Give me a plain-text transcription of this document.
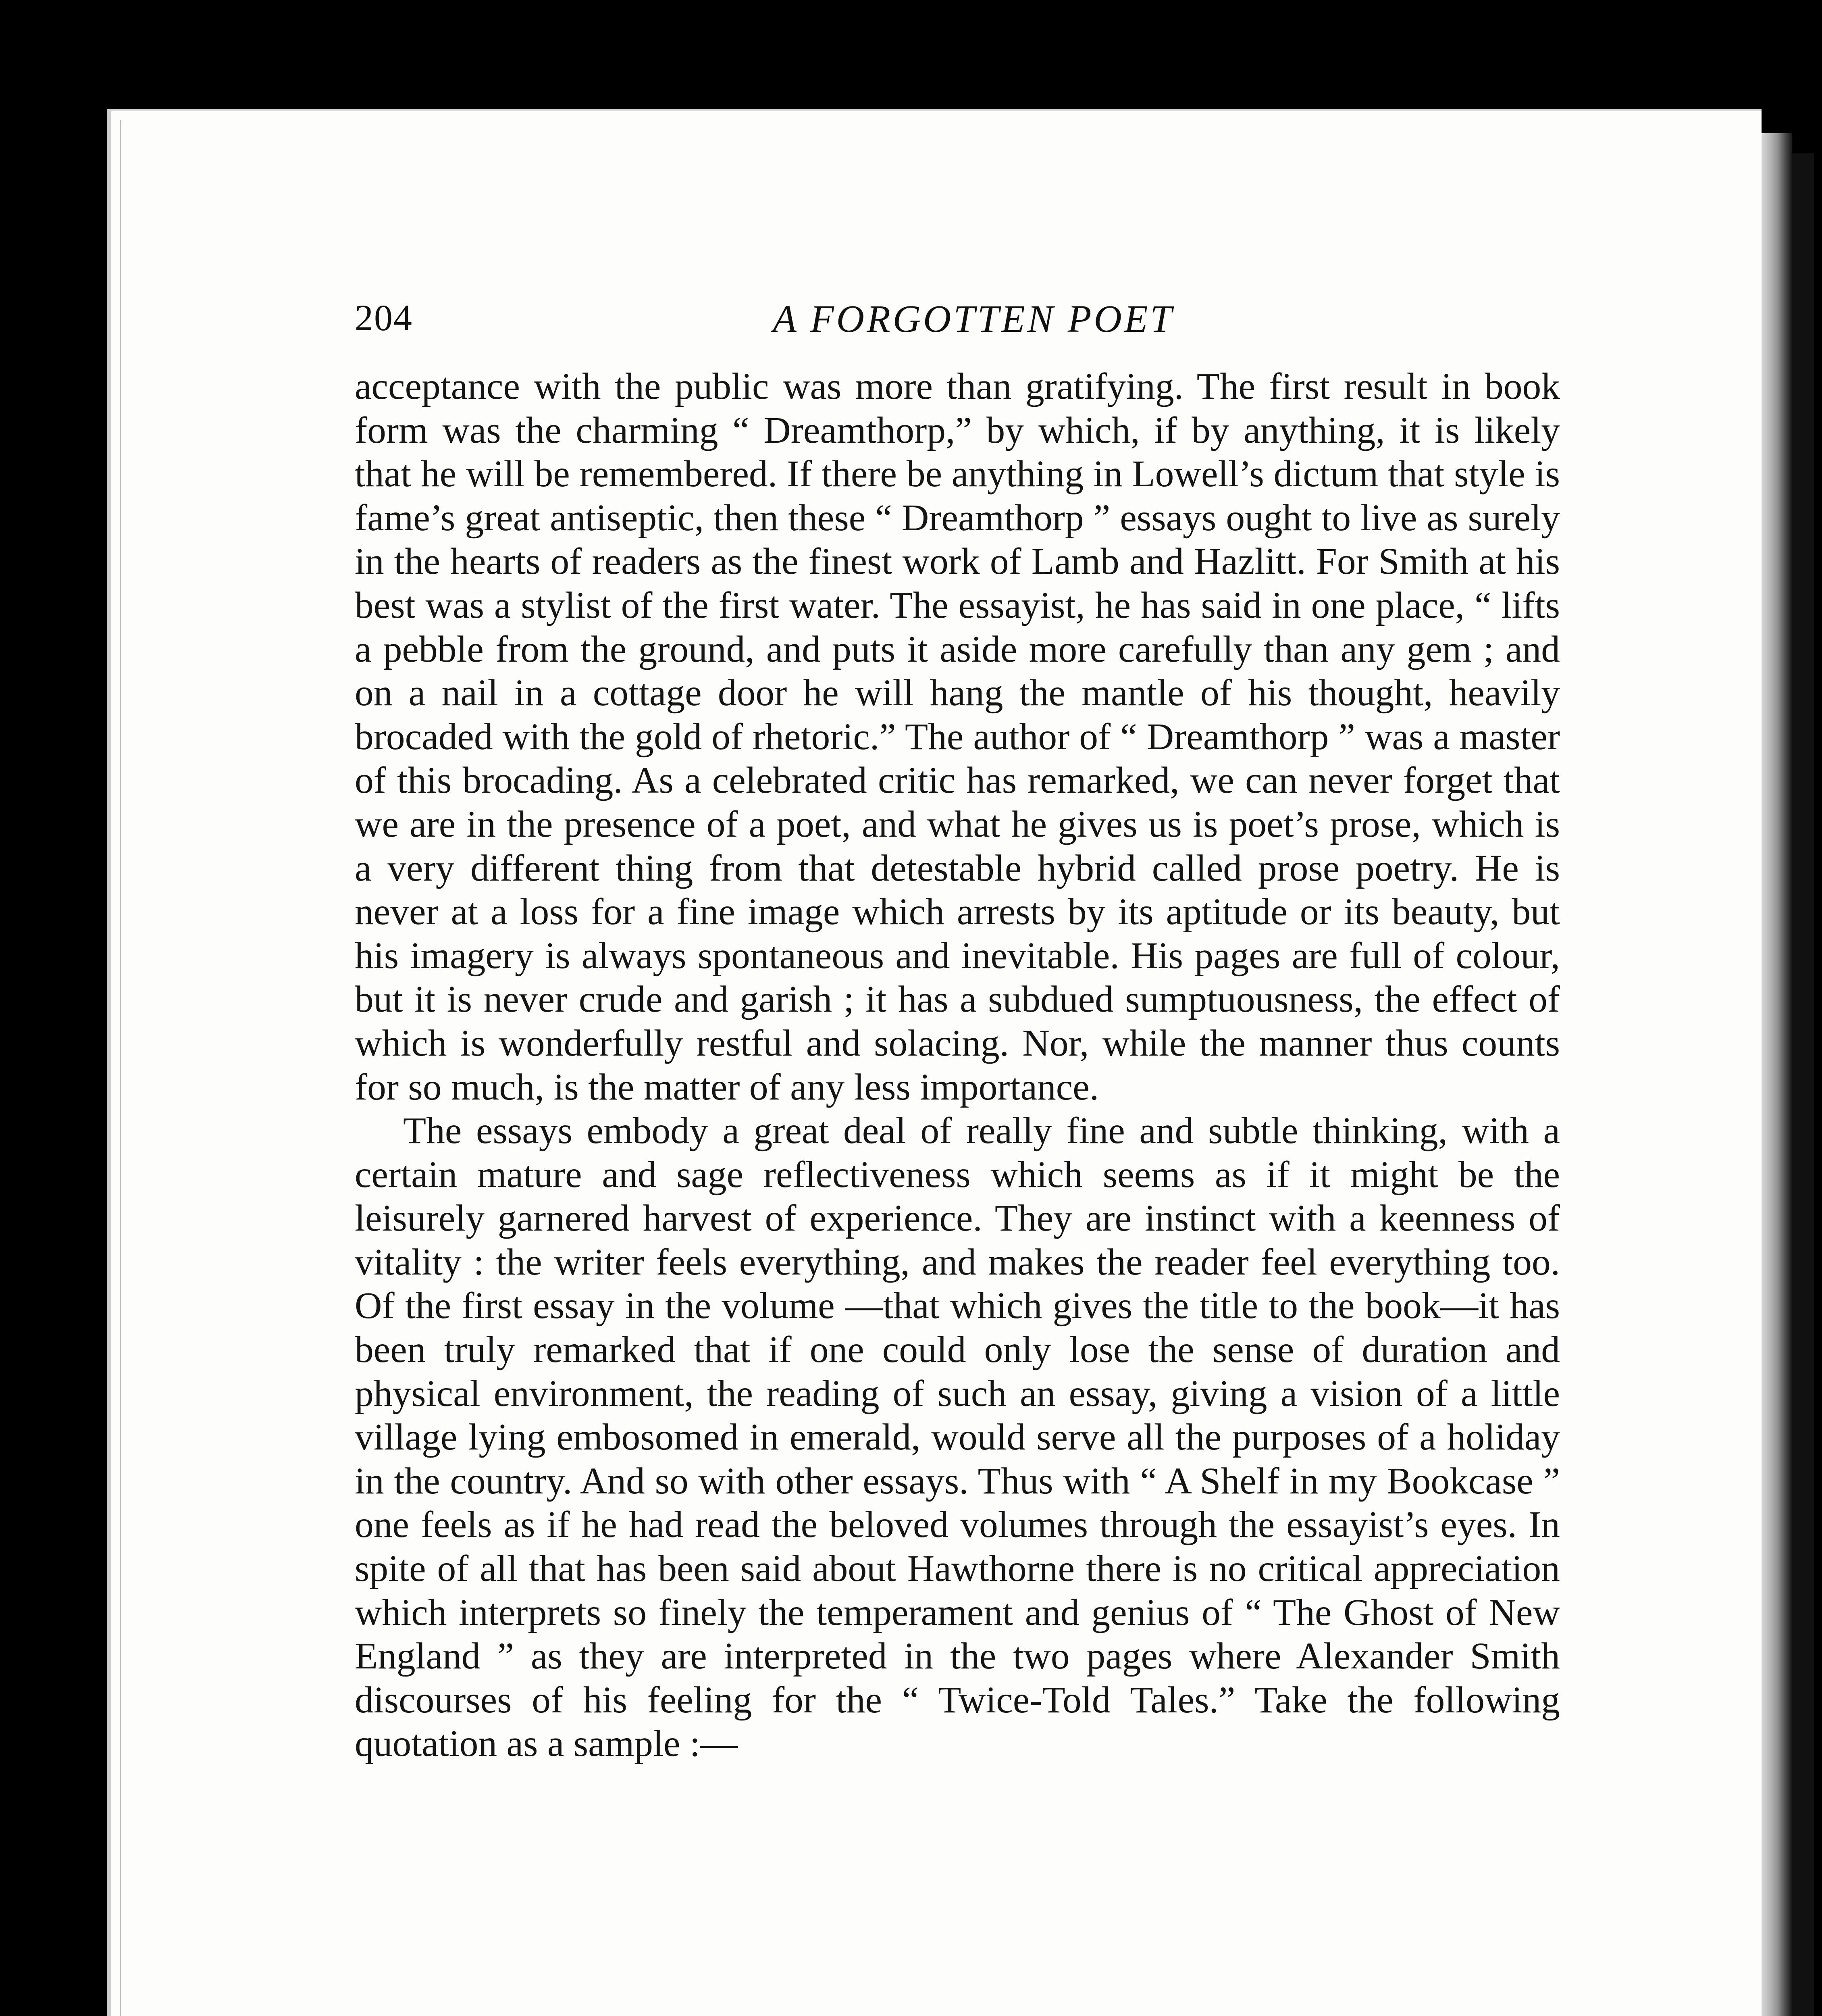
204	A FORGOTTEN POET

acceptance with the public was more than gratifying. The first result in book form was the charming “ Dreamthorp,” by which, if by anything, it is likely that he will be remembered. If there be anything in Lowell’s dictum that style is fame’s great antiseptic, then these “ Dreamthorp ” essays ought to live as surely in the hearts of readers as the finest work of Lamb and Hazlitt. For Smith at his best was a stylist of the first water. The essayist, he has said in one place, “ lifts a pebble from the ground, and puts it aside more carefully than any gem ; and on a nail in a cottage door he will hang the mantle of his thought, heavily brocaded with the gold of rhetoric.” The author of “ Dreamthorp ” was a master of this brocading. As a celebrated critic has remarked, we can never forget that we are in the presence of a poet, and what he gives us is poet’s prose, which is a very different thing from that detestable hybrid called prose poetry. He is never at a loss for a fine image which arrests by its aptitude or its beauty, but his imagery is always spontaneous and inevitable. His pages are full of colour, but it is never crude and garish ; it has a subdued sumptuousness, the effect of which is wonderfully restful and solacing. Nor, while the manner thus counts for so much, is the matter of any less importance.

The essays embody a great deal of really fine and subtle thinking, with a certain mature and sage reflectiveness which seems as if it might be the leisurely garnered harvest of experience. They are instinct with a keenness of vitality : the writer feels everything, and makes the reader feel everything too. Of the first essay in the volume —that which gives the title to the book—it has been truly remarked that if one could only lose the sense of duration and physical environment, the reading of such an essay, giving a vision of a little village lying embosomed in emerald, would serve all the purposes of a holiday in the country. And so with other essays. Thus with “ A Shelf in my Bookcase ” one feels as if he had read the beloved volumes through the essayist’s eyes. In spite of all that has been said about Hawthorne there is no critical appreciation which interprets so finely the temperament and genius of “ The Ghost of New England ” as they are interpreted in the two pages where Alexander Smith discourses of his feeling for the “ Twice-Told Tales.” Take the following quotation as a sample :—
